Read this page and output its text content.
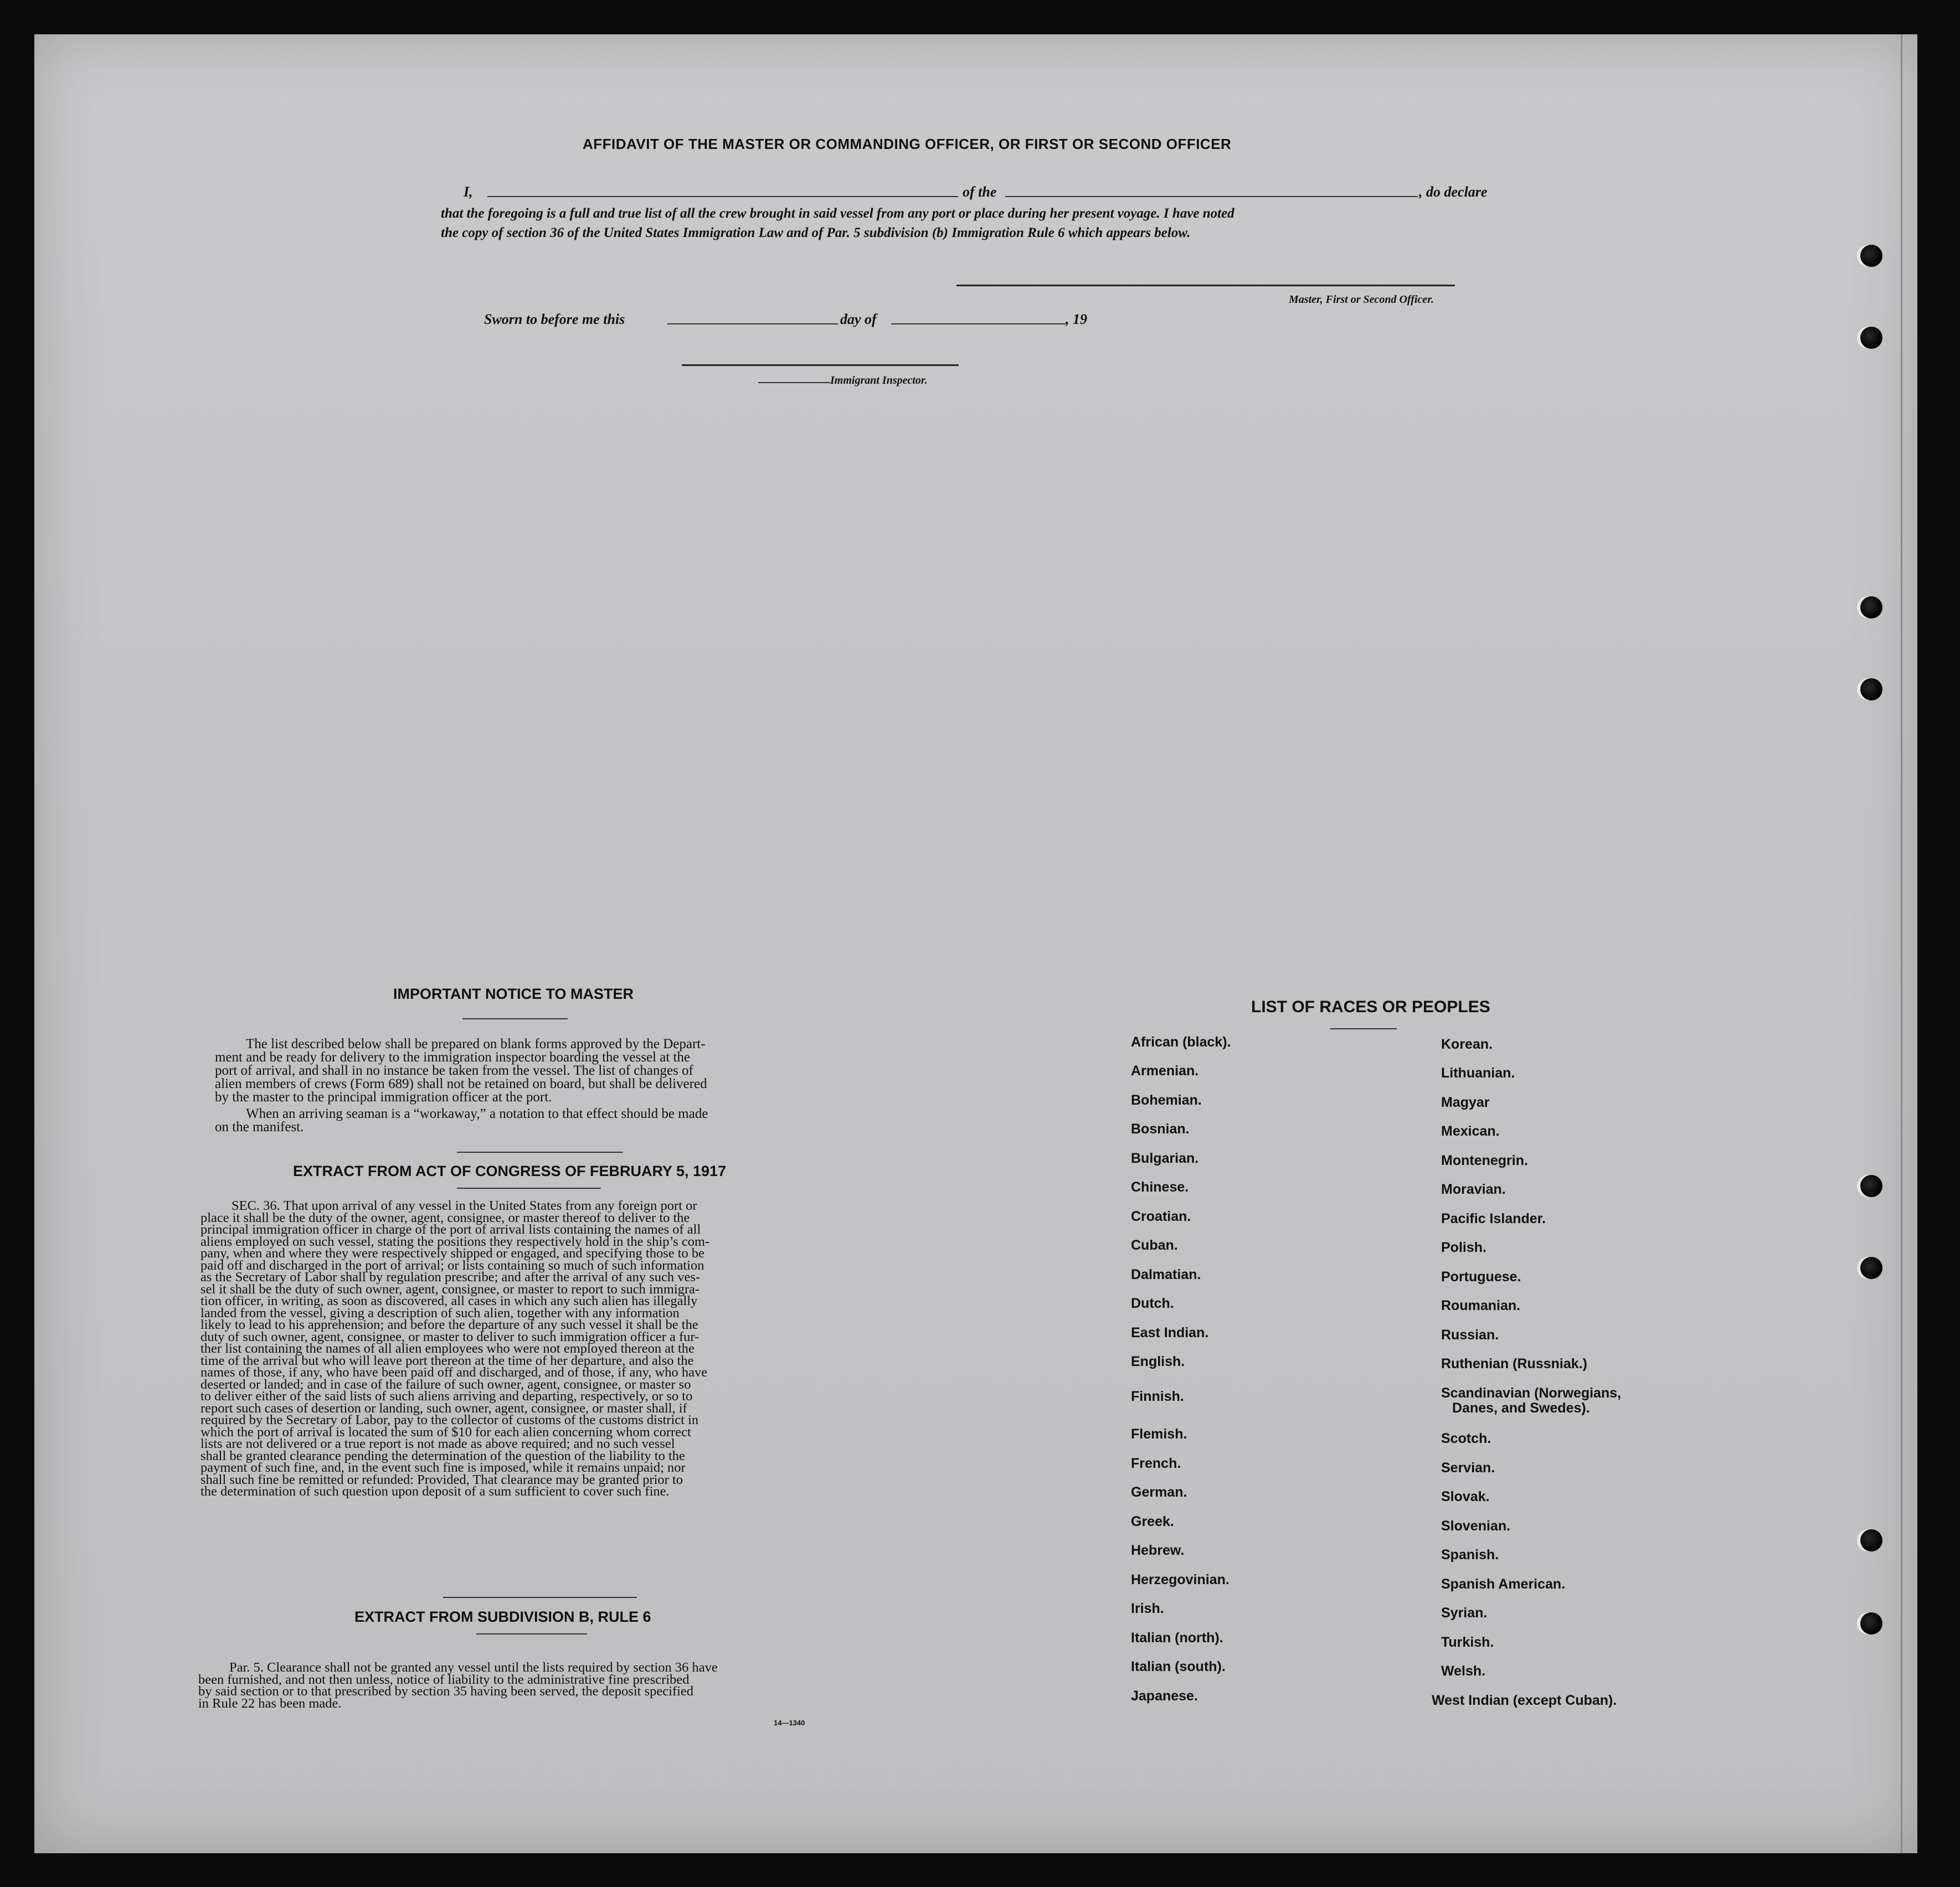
AFFIDAVIT OF THE MASTER OR COMMANDING OFFICER, OR FIRST OR SECOND OFFICER
I,	of the	, do declare
that the foregoing is a full and true list of all the crew brought in said vessel from any port or place during her present voyage. I have noted
the copy of section 36 of the United States Immigration Law and of Par. 5 subdivision (b) Immigration Rule 6 which appears below.
Master, First or Second Officer.
Sworn to before me this	day of	, 19
Immigrant Inspector.
IMPORTANT NOTICE TO MASTER
The list described below shall be prepared on blank forms approved by the Depart-
ment and be ready for delivery to the immigration inspector boarding the vessel at the
port of arrival, and shall in no instance be taken from the vessel. The list of changes of
alien members of crews (Form 689) shall not be retained on board, but shall be delivered
by the master to the principal immigration officer at the port.
When an arriving seaman is a “workaway,” a notation to that effect should be made
on the manifest.
EXTRACT FROM ACT OF CONGRESS OF FEBRUARY 5, 1917
SEC. 36. That upon arrival of any vessel in the United States from any foreign port or
place it shall be the duty of the owner, agent, consignee, or master thereof to deliver to the
principal immigration officer in charge of the port of arrival lists containing the names of all
aliens employed on such vessel, stating the positions they respectively hold in the ship’s com-
pany, when and where they were respectively shipped or engaged, and specifying those to be
paid off and discharged in the port of arrival; or lists containing so much of such information
as the Secretary of Labor shall by regulation prescribe; and after the arrival of any such ves-
sel it shall be the duty of such owner, agent, consignee, or master to report to such immigra-
tion officer, in writing, as soon as discovered, all cases in which any such alien has illegally
landed from the vessel, giving a description of such alien, together with any information
likely to lead to his apprehension; and before the departure of any such vessel it shall be the
duty of such owner, agent, consignee, or master to deliver to such immigration officer a fur-
ther list containing the names of all alien employees who were not employed thereon at the
time of the arrival but who will leave port thereon at the time of her departure, and also the
names of those, if any, who have been paid off and discharged, and of those, if any, who have
deserted or landed; and in case of the failure of such owner, agent, consignee, or master so
to deliver either of the said lists of such aliens arriving and departing, respectively, or so to
report such cases of desertion or landing, such owner, agent, consignee, or master shall, if
required by the Secretary of Labor, pay to the collector of customs of the customs district in
which the port of arrival is located the sum of $10 for each alien concerning whom correct
lists are not delivered or a true report is not made as above required; and no such vessel
shall be granted clearance pending the determination of the question of the liability to the
payment of such fine, and, in the event such fine is imposed, while it remains unpaid; nor
shall such fine be remitted or refunded: Provided, That clearance may be granted prior to
the determination of such question upon deposit of a sum sufficient to cover such fine.
EXTRACT FROM SUBDIVISION B, RULE 6
Par. 5. Clearance shall not be granted any vessel until the lists required by section 36 have
been furnished, and not then unless, notice of liability to the administrative fine prescribed
by said section or to that prescribed by section 35 having been served, the deposit specified
in Rule 22 has been made.
14—1340
LIST OF RACES OR PEOPLES
African (black).
Armenian.
Bohemian.
Bosnian.
Bulgarian.
Chinese.
Croatian.
Cuban.
Dalmatian.
Dutch.
East Indian.
English.
Finnish.
Flemish.
French.
German.
Greek.
Hebrew.
Herzegovinian.
Irish.
Italian (north).
Italian (south).
Japanese.
Korean.
Lithuanian.
Magyar
Mexican.
Montenegrin.
Moravian.
Pacific Islander.
Polish.
Portuguese.
Roumanian.
Russian.
Ruthenian (Russniak.)
Scandinavian (Norwegians,
Danes, and Swedes).
Scotch.
Servian.
Slovak.
Slovenian.
Spanish.
Spanish American.
Syrian.
Turkish.
Welsh.
West Indian (except Cuban).
